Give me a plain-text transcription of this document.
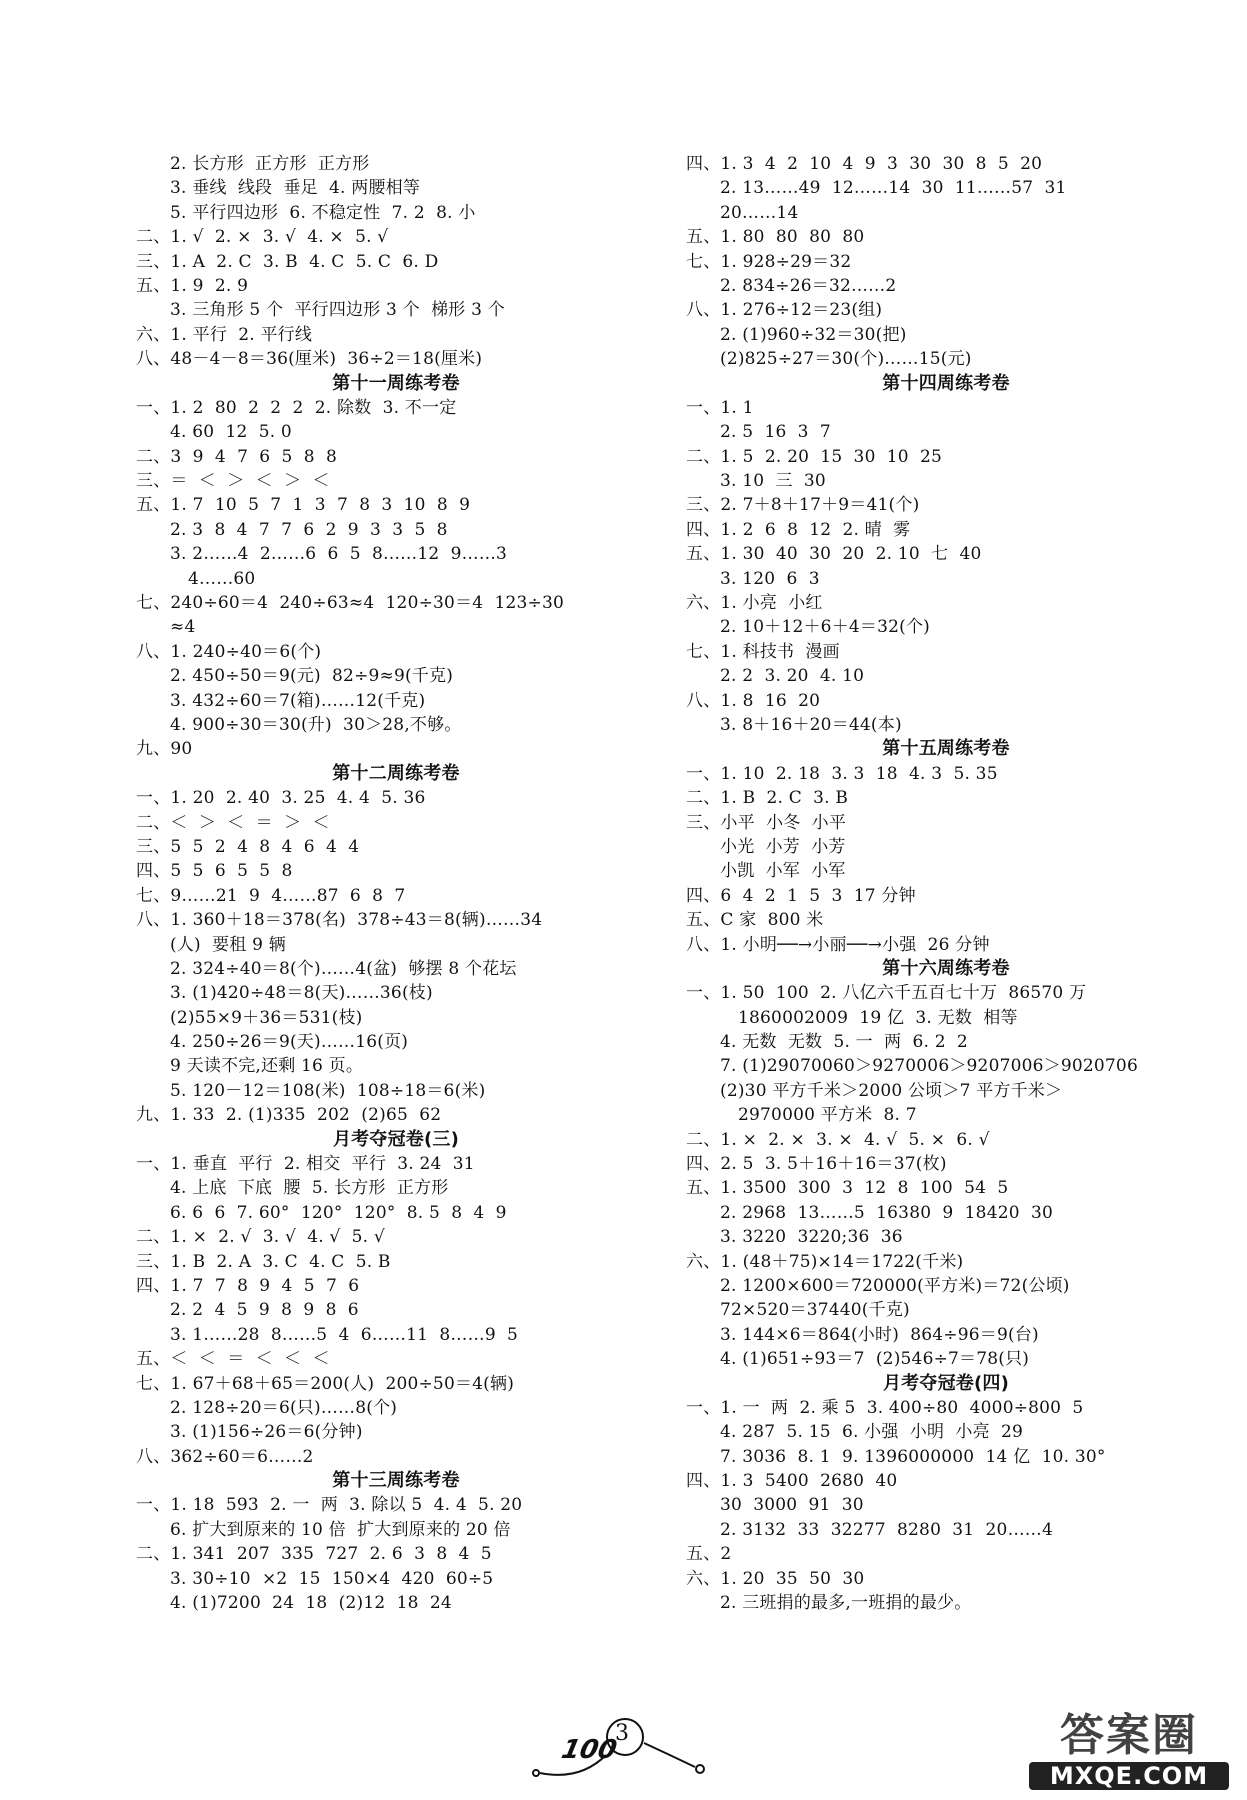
2. 长方形  正方形  正方形
3. 垂线  线段  垂足  4. 两腰相等
5. 平行四边形  6. 不稳定性  7. 2  8. 小
二、1. √  2. ×  3. √  4. ×  5. √
三、1. A  2. C  3. B  4. C  5. C  6. D
五、1. 9  2. 9
3. 三角形 5 个  平行四边形 3 个  梯形 3 个
六、1. 平行  2. 平行线
八、48－4－8＝36(厘米)  36÷2＝18(厘米)
第十一周练考卷
一、1. 2  80  2  2  2  2. 除数  3. 不一定
4. 60  12  5. 0
二、3  9  4  7  6  5  8  8
三、＝  ＜  ＞  ＜  ＞  ＜
五、1. 7  10  5  7  1  3  7  8  3  10  8  9
2. 3  8  4  7  7  6  2  9  3  3  5  8
3. 2……4  2……6  6  5  8……12  9……3
4……60
七、240÷60＝4  240÷63≈4  120÷30＝4  123÷30
≈4
八、1. 240÷40＝6(个)
2. 450÷50＝9(元)  82÷9≈9(千克)
3. 432÷60＝7(箱)……12(千克)
4. 900÷30＝30(升)  30＞28,不够。
九、90
第十二周练考卷
一、1. 20  2. 40  3. 25  4. 4  5. 36
二、＜  ＞  ＜  ＝  ＞  ＜
三、5  5  2  4  8  4  6  4  4
四、5  5  6  5  5  8
七、9……21  9  4……87  6  8  7
八、1. 360＋18＝378(名)  378÷43＝8(辆)……34
(人)  要租 9 辆
2. 324÷40＝8(个)……4(盆)  够摆 8 个花坛
3. (1)420÷48＝8(天)……36(枝)
(2)55×9＋36＝531(枝)
4. 250÷26＝9(天)……16(页)
9 天读不完,还剩 16 页。
5. 120－12＝108(米)  108÷18＝6(米)
九、1. 33  2. (1)335  202  (2)65  62
月考夺冠卷(三)
一、1. 垂直  平行  2. 相交  平行  3. 24  31
4. 上底  下底  腰  5. 长方形  正方形
6. 6  6  7. 60°  120°  120°  8. 5  8  4  9
二、1. ×  2. √  3. √  4. √  5. √
三、1. B  2. A  3. C  4. C  5. B
四、1. 7  7  8  9  4  5  7  6
2. 2  4  5  9  8  9  8  6
3. 1……28  8……5  4  6……11  8……9  5
五、＜  ＜  ＝  ＜  ＜  ＜
七、1. 67＋68＋65＝200(人)  200÷50＝4(辆)
2. 128÷20＝6(只)……8(个)
3. (1)156÷26＝6(分钟)
八、362÷60＝6……2
第十三周练考卷
一、1. 18  593  2. 一  两  3. 除以 5  4. 4  5. 20
6. 扩大到原来的 10 倍  扩大到原来的 20 倍
二、1. 341  207  335  727  2. 6  3  8  4  5
3. 30÷10  ×2  15  150×4  420  60÷5
4. (1)7200  24  18  (2)12  18  24
四、1. 3  4  2  10  4  9  3  30  30  8  5  20
2. 13……49  12……14  30  11……57  31
20……14
五、1. 80  80  80  80
七、1. 928÷29＝32
2. 834÷26＝32……2
八、1. 276÷12＝23(组)
2. (1)960÷32＝30(把)
(2)825÷27＝30(个)……15(元)
第十四周练考卷
一、1. 1
2. 5  16  3  7
二、1. 5  2. 20  15  30  10  25
3. 10  三  30
三、2. 7＋8＋17＋9＝41(个)
四、1. 2  6  8  12  2. 晴  雾
五、1. 30  40  30  20  2. 10  七  40
3. 120  6  3
六、1. 小亮  小红
2. 10＋12＋6＋4＝32(个)
七、1. 科技书  漫画
2. 2  3. 20  4. 10
八、1. 8  16  20
3. 8＋16＋20＝44(本)
第十五周练考卷
一、1. 10  2. 18  3. 3  18  4. 3  5. 35
二、1. B  2. C  3. B
三、小平  小冬  小平
小光  小芳  小芳
小凯  小军  小军
四、6  4  2  1  5  3  17 分钟
五、C 家  800 米
八、1. 小明──→小丽──→小强  26 分钟
第十六周练考卷
一、1. 50  100  2. 八亿六千五百七十万  86570 万
1860002009  19 亿  3. 无数  相等
4. 无数  无数  5. 一  两  6. 2  2
7. (1)29070060＞9270006＞9207006＞9020706
(2)30 平方千米＞2000 公顷＞7 平方千米＞
2970000 平方米  8. 7
二、1. ×  2. ×  3. ×  4. √  5. ×  6. √
四、2. 5  3. 5＋16＋16＝37(枚)
五、1. 3500  300  3  12  8  100  54  5
2. 2968  13……5  16380  9  18420  30
3. 3220  3220;36  36
六、1. (48＋75)×14＝1722(千米)
2. 1200×600＝720000(平方米)＝72(公顷)
72×520＝37440(千克)
3. 144×6＝864(小时)  864÷96＝9(台)
4. (1)651÷93＝7  (2)546÷7＝78(只)
月考夺冠卷(四)
一、1. 一  两  2. 乘 5  3. 400÷80  4000÷800  5
4. 287  5. 15  6. 小强  小明  小亮  29
7. 3036  8. 1  9. 1396000000  14 亿  10. 30°
四、1. 3  5400  2680  40
30  3000  91  30
2. 3132  33  32277  8280  31  20……4
五、2
六、1. 20  35  50  30
2. 三班捐的最多,一班捐的最少。
100
3	答案圈
MXQE.COM
